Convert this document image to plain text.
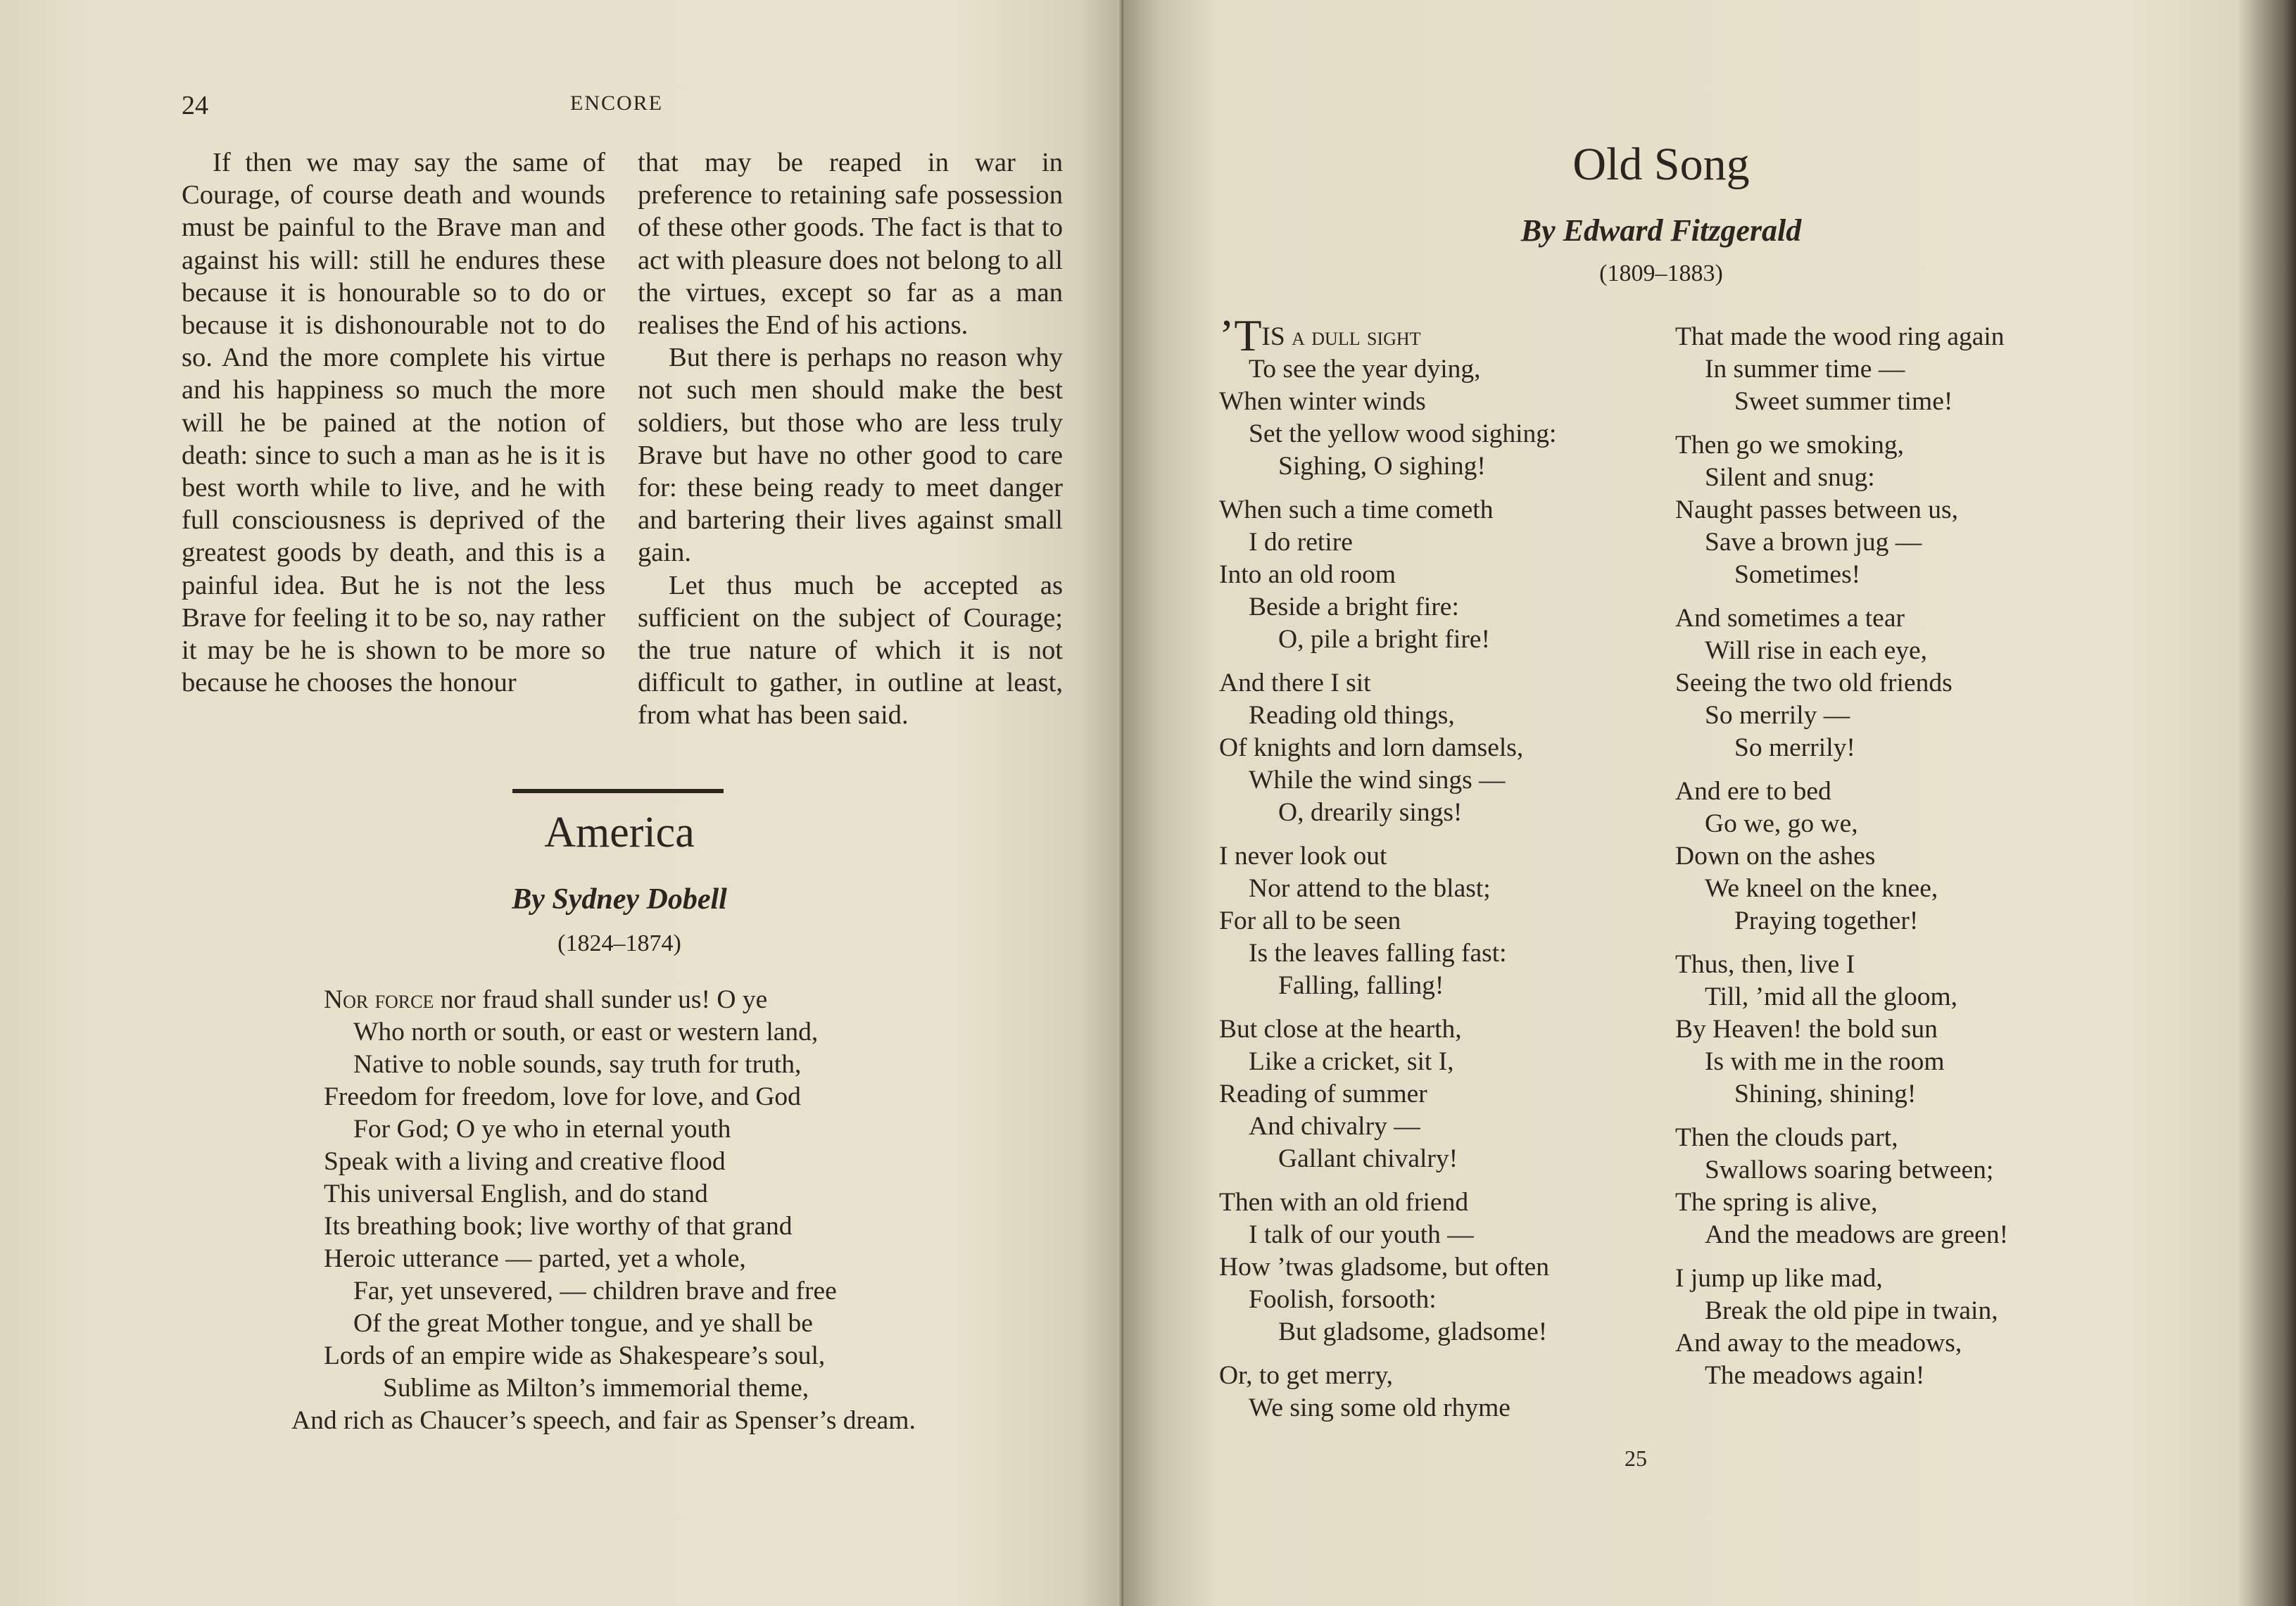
24	ENCORE

If then we may say the same of Courage, of course death and wounds must be painful to the Brave man and against his will: still he endures these because it is honourable so to do or because it is dishonourable not to do so. And the more complete his virtue and his happiness so much the more will he be pained at the notion of death: since to such a man as he is it is best worth while to live, and he with full consciousness is deprived of the greatest goods by death, and this is a painful idea. But he is not the less Brave for feeling it to be so, nay rather it may be he is shown to be more so because he chooses the honour

that may be reaped in war in preference to retaining safe possession of these other goods. The fact is that to act with pleasure does not belong to all the virtues, except so far as a man realises the End of his actions.

But there is perhaps no reason why not such men should make the best soldiers, but those who are less truly Brave but have no other good to care for: these being ready to meet danger and bartering their lives against small gain.

Let thus much be accepted as sufficient on the subject of Courage; the true nature of which it is not difficult to gather, in outline at least, from what has been said.

America
By Sydney Dobell
(1824–1874)
Nor force nor fraud shall sunder us! O ye
Who north or south, or east or western land,
Native to noble sounds, say truth for truth,
Freedom for freedom, love for love, and God
For God; O ye who in eternal youth
Speak with a living and creative flood
This universal English, and do stand
Its breathing book; live worthy of that grand
Heroic utterance — parted, yet a whole,
Far, yet unsevered, — children brave and free
Of the great Mother tongue, and ye shall be
Lords of an empire wide as Shakespeare’s soul,
Sublime as Milton’s immemorial theme,
And rich as Chaucer’s speech, and fair as Spenser’s dream.
Old Song
By Edward Fitzgerald
(1809–1883)
’TIS a dull sight
To see the year dying,
When winter winds
Set the yellow wood sighing:
Sighing, O sighing!
When such a time cometh
I do retire
Into an old room
Beside a bright fire:
O, pile a bright fire!
And there I sit
Reading old things,
Of knights and lorn damsels,
While the wind sings —
O, drearily sings!
I never look out
Nor attend to the blast;
For all to be seen
Is the leaves falling fast:
Falling, falling!
But close at the hearth,
Like a cricket, sit I,
Reading of summer
And chivalry —
Gallant chivalry!
Then with an old friend
I talk of our youth —
How ’twas gladsome, but often
Foolish, forsooth:
But gladsome, gladsome!
Or, to get merry,
We sing some old rhyme
That made the wood ring again
In summer time —
Sweet summer time!
Then go we smoking,
Silent and snug:
Naught passes between us,
Save a brown jug —
Sometimes!
And sometimes a tear
Will rise in each eye,
Seeing the two old friends
So merrily —
So merrily!
And ere to bed
Go we, go we,
Down on the ashes
We kneel on the knee,
Praying together!
Thus, then, live I
Till, ’mid all the gloom,
By Heaven! the bold sun
Is with me in the room
Shining, shining!
Then the clouds part,
Swallows soaring between;
The spring is alive,
And the meadows are green!
I jump up like mad,
Break the old pipe in twain,
And away to the meadows,
The meadows again!
25
